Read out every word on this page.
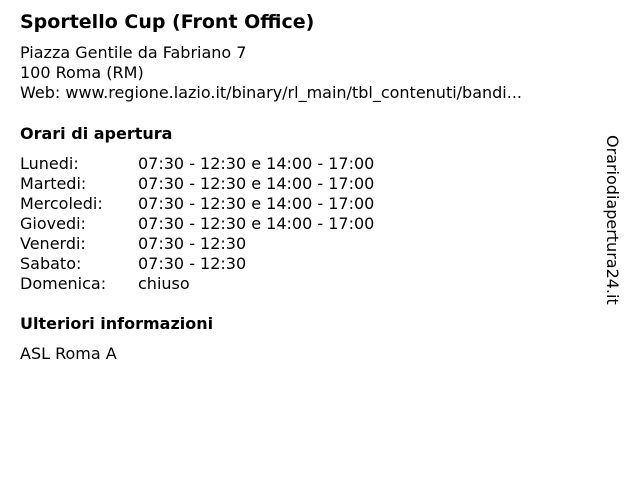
Sportello Cup (Front Office)
Piazza Gentile da Fabriano 7
100 Roma (RM)
Web: www.regione.lazio.it/binary/rl_main/tbl_contenuti/bandi...
Orari di apertura
Lunedi:	07:30 - 12:30 e 14:00 - 17:00
Martedi:	07:30 - 12:30 e 14:00 - 17:00
Mercoledi: 07:30 - 12:30 e 14:00 - 17:00
Giovedi:	07:30 - 12:30 e 14:00 - 17:00
Venerdi:	07:30 - 12:30
Sabato:	07:30 - 12:30
Domenica: chiuso
Ulteriori informazioni
ASL Roma A
Orariodiapertura24.it
